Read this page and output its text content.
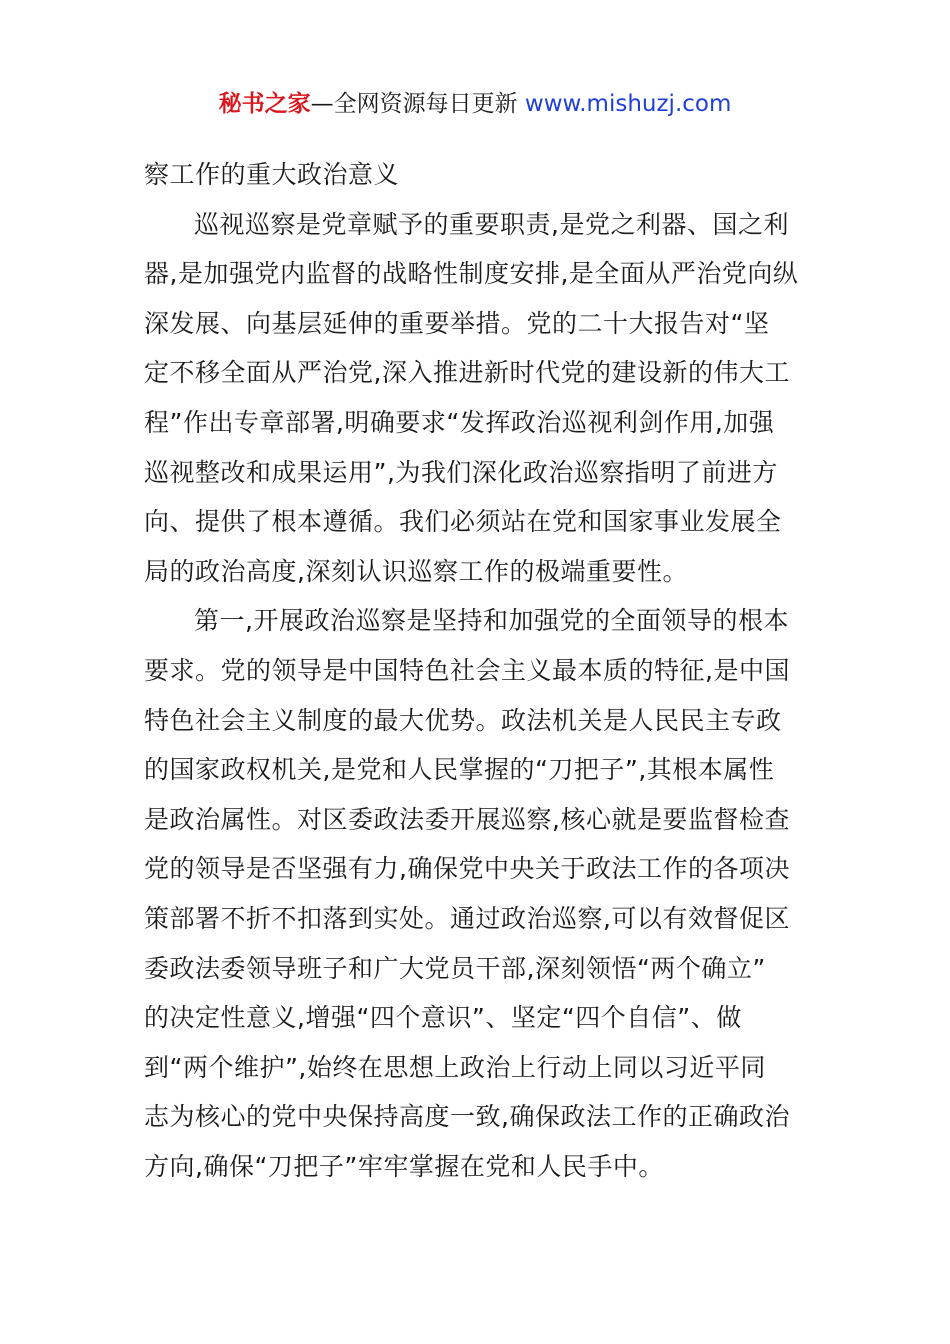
秘书之家—全网资源每日更新 www.mishuzj.com
察工作的重大政治意义
巡视巡察是党章赋予的重要职责,是党之利器、国之利
器,是加强党内监督的战略性制度安排,是全面从严治党向纵
深发展、向基层延伸的重要举措。党的二十大报告对“坚
定不移全面从严治党,深入推进新时代党的建设新的伟大工
程”作出专章部署,明确要求“发挥政治巡视利剑作用,加强
巡视整改和成果运用”,为我们深化政治巡察指明了前进方
向、提供了根本遵循。我们必须站在党和国家事业发展全
局的政治高度,深刻认识巡察工作的极端重要性。
第一,开展政治巡察是坚持和加强党的全面领导的根本
要求。党的领导是中国特色社会主义最本质的特征,是中国
特色社会主义制度的最大优势。政法机关是人民民主专政
的国家政权机关,是党和人民掌握的“刀把子”,其根本属性
是政治属性。对区委政法委开展巡察,核心就是要监督检查
党的领导是否坚强有力,确保党中央关于政法工作的各项决
策部署不折不扣落到实处。通过政治巡察,可以有效督促区
委政法委领导班子和广大党员干部,深刻领悟“两个确立”
的决定性意义,增强“四个意识”、坚定“四个自信”、做
到“两个维护”,始终在思想上政治上行动上同以习近平同
志为核心的党中央保持高度一致,确保政法工作的正确政治
方向,确保“刀把子”牢牢掌握在党和人民手中。
